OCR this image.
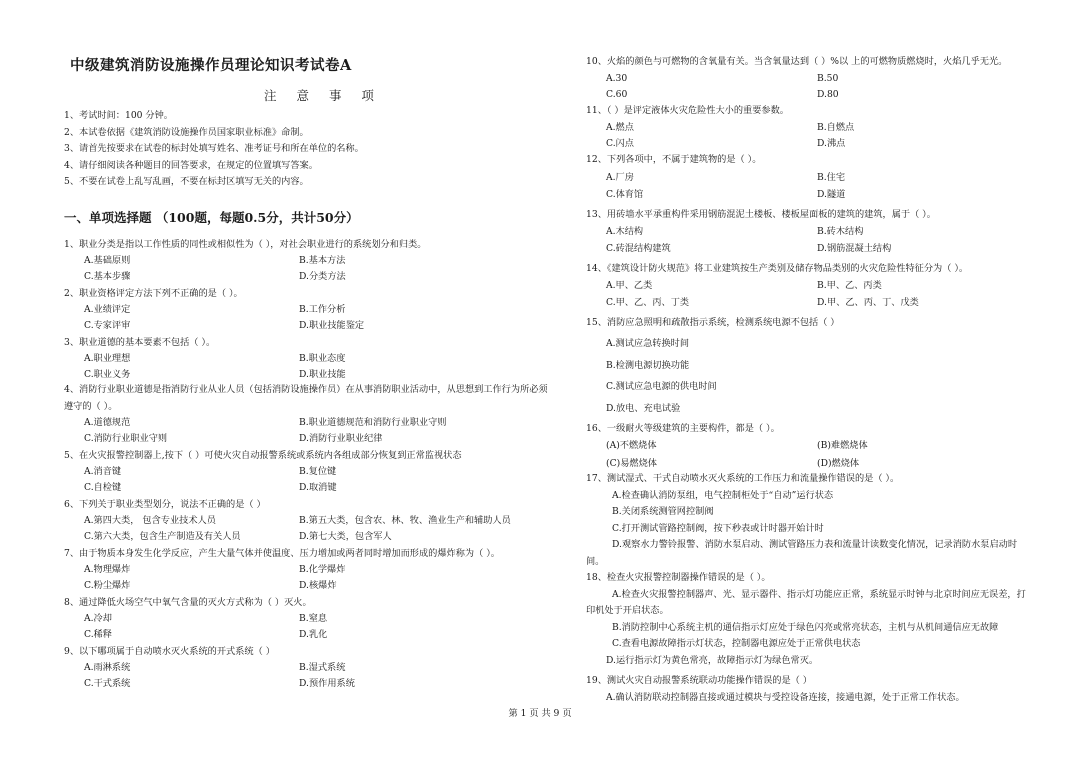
中级建筑消防设施操作员理论知识考试卷A
注 意 事 项
1、考试时间：100 分钟。
2、本试卷依据《建筑消防设施操作员国家职业标准》命制。
3、请首先按要求在试卷的标封处填写姓名、准考证号和所在单位的名称。
4、请仔细阅读各种题目的回答要求，在规定的位置填写答案。
5、不要在试卷上乱写乱画，不要在标封区填写无关的内容。
一、单项选择题 （100题，每题0.5分，共计50分）
1、职业分类是指以工作性质的同性或相似性为（ ），对社会职业进行的系统划分和归类。
A.基础原则	B.基本方法
C.基本步骤	D.分类方法
2、职业资格评定方法下列不正确的是（ ）。
A.业绩评定	B.工作分析
C.专家评审	D.职业技能鉴定
3、职业道德的基本要素不包括（ ）。
A.职业理想	B.职业态度
C.职业义务	D.职业技能
4、消防行业职业道德是指消防行业从业人员（包括消防设施操作员）在从事消防职业活动中，从思想到工作行为所必须遵守的（ ）。
A.道德规范	B.职业道德规范和消防行业职业守则
C.消防行业职业守则	D.消防行业职业纪律
5、在火灾报警控制器上,按下（ ）可使火灾自动报警系统或系统内各组成部分恢复到正常监视状态
A.消音键	B.复位键
C.自检键	D.取消键
6、下列关于职业类型划分，说法不正确的是（ ）
A.第四大类， 包含专业技术人员	B.第五大类，包含农、林、牧、渔业生产和辅助人员
C.第六大类，包含生产制造及有关人员	D.第七大类，包含军人
7、由于物质本身发生化学反应，产生大量气体并使温度、压力增加或两者同时增加而形成的爆炸称为（ ）。
A.物理爆炸	B.化学爆炸
C.粉尘爆炸	D.核爆炸
8、通过降低火场空气中氧气含量的灭火方式称为（ ）灭火。
A.冷却	B.窒息
C.稀释	D.乳化
9、以下哪项属于自动喷水灭火系统的开式系统（ ）
A.雨淋系统	B.湿式系统
C.干式系统	D.预作用系统
10、火焰的颜色与可燃物的含氧量有关。当含氧量达到（ ）%以 上的可燃物质燃烧时，火焰几乎无光。
A.30	B.50
C.60	D.80
11、（ ）是评定液体火灾危险性大小的重要参数。
A.燃点	B.自燃点
C.闪点	D.沸点
12、下列各项中，不属于建筑物的是（ ）。
A.厂房	B.住宅
C.体育馆	D.隧道
13、用砖墙水平承重构件采用钢筋混泥土楼板、楼板屋面板的建筑的建筑，属于（ ）。
A.木结构	B.砖木结构
C.砖混结构建筑	D.钢筋混凝土结构
14、《建筑设计防火规范》将工业建筑按生产类别及储存物品类别的火灾危险性特征分为（ ）。
A.甲、乙类	B.甲、乙、丙类
C.甲、乙、丙、丁类	D.甲、乙、丙、丁、戊类
15、消防应急照明和疏散指示系统，检测系统电源不包括（ ）
A.测试应急转换时间
B.检测电源切换功能
C.测试应急电源的供电时间
D.放电、充电试验
16、一级耐火等级建筑的主要构件，都是（ ）。
(A)不燃烧体	(B)难燃烧体
(C)易燃烧体	(D)燃烧体
17、测试湿式、干式自动喷水灭火系统的工作压力和流量操作错误的是（ ）。
A.检查确认消防泵组，电气控制柜处于“自动”运行状态
B.关闭系统测管网控制阀
C.打开测试管路控制阀，按下秒表或计时器开始计时
D.观察水力警铃报警、消防水泵启动、测试管路压力表和流量计读数变化情况，记录消防水泵启动时间。
18、检查火灾报警控制器操作错误的是（ ）。
A.检查火灾报警控制器声、光、显示器件、指示灯功能应正常，系统显示时钟与北京时间应无误差，打印机处于开启状态。
B.消防控制中心系统主机的通信指示灯应处于绿色闪亮或常亮状态，主机与从机间通信应无故障
C.查看电源故障指示灯状态，控制器电源应处于正常供电状态
D.运行指示灯为黄色常亮，故障指示灯为绿色常灭。
19、测试火灾自动报警系统联动功能操作错误的是（ ）
A.确认消防联动控制器直接或通过模块与受控设备连接，接通电源，处于正常工作状态。
第 1 页 共 9 页
